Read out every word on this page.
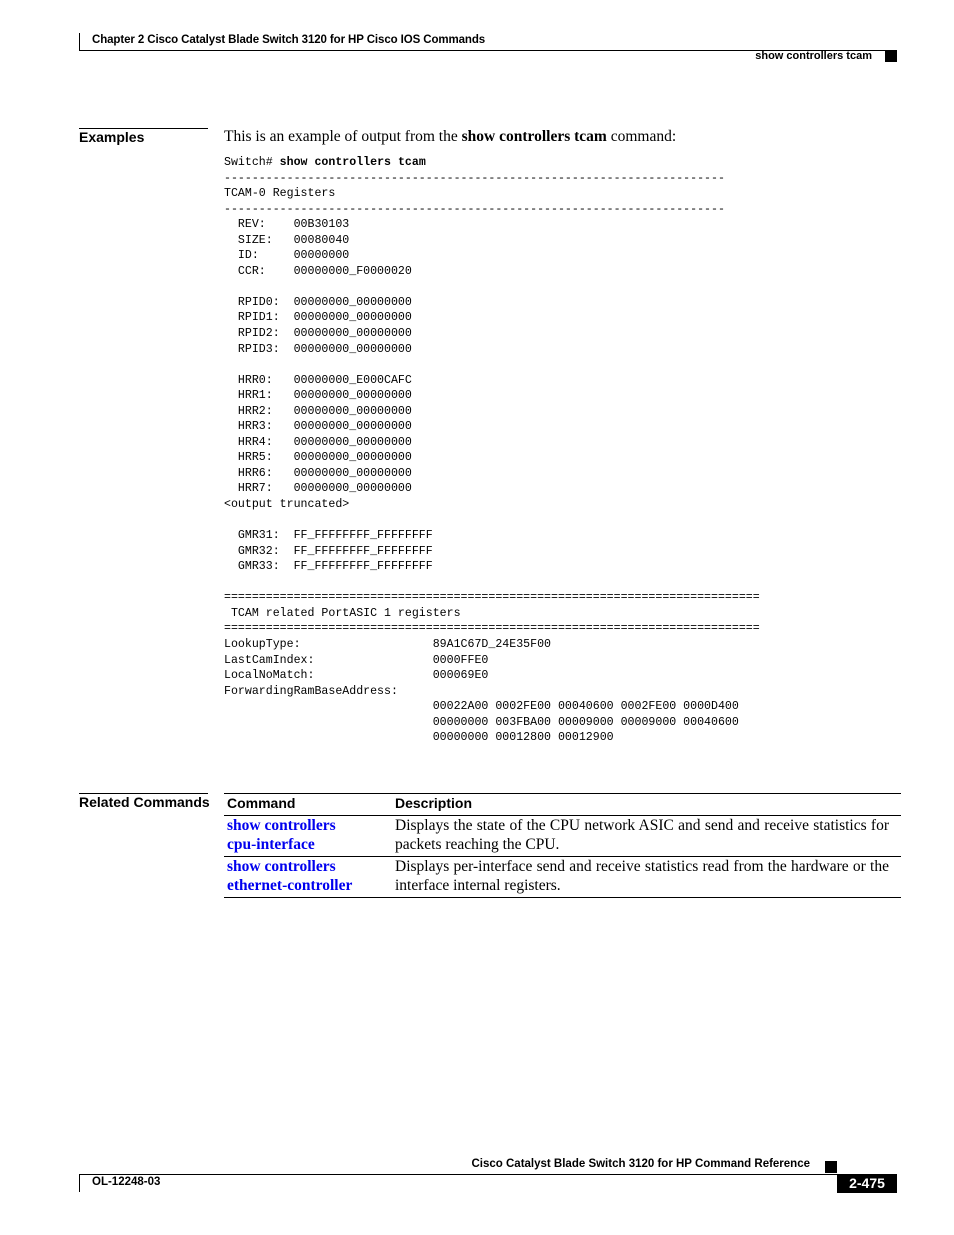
Chapter 2 Cisco Catalyst Blade Switch 3120 for HP Cisco IOS Commands
show controllers tcam
Examples	This is an example of output from the show controllers tcam command:
Switch# show controllers tcam
------------------------------------------------------------------------
TCAM-0 Registers
------------------------------------------------------------------------
REV:    00B30103
SIZE:   00080040
ID:     00000000
CCR:    00000000_F0000020

RPID0:  00000000_00000000
RPID1:  00000000_00000000
RPID2:  00000000_00000000
RPID3:  00000000_00000000

HRR0:   00000000_E000CAFC
HRR1:   00000000_00000000
HRR2:   00000000_00000000
HRR3:   00000000_00000000
HRR4:   00000000_00000000
HRR5:   00000000_00000000
HRR6:   00000000_00000000
HRR7:   00000000_00000000
<output truncated>

GMR31:  FF_FFFFFFFF_FFFFFFFF
GMR32:  FF_FFFFFFFF_FFFFFFFF
GMR33:  FF_FFFFFFFF_FFFFFFFF

=============================================================================
TCAM related PortASIC 1 registers
=============================================================================
LookupType:                   89A1C67D_24E35F00
LastCamIndex:                 0000FFE0
LocalNoMatch:                 000069E0
ForwardingRamBaseAddress:
00022A00 0002FE00 00040600 0002FE00 0000D400
00000000 003FBA00 00009000 00009000 00040600
00000000 00012800 00012900
Related Commands Command	Description
show controllers
cpu-interface	Displays the state of the CPU network ASIC and send and receive statistics for packets reaching the CPU.
show controllers
ethernet-controller	Displays per-interface send and receive statistics read from the hardware or the interface internal registers.
Cisco Catalyst Blade Switch 3120 for HP Command Reference
OL-12248-03	2-475
